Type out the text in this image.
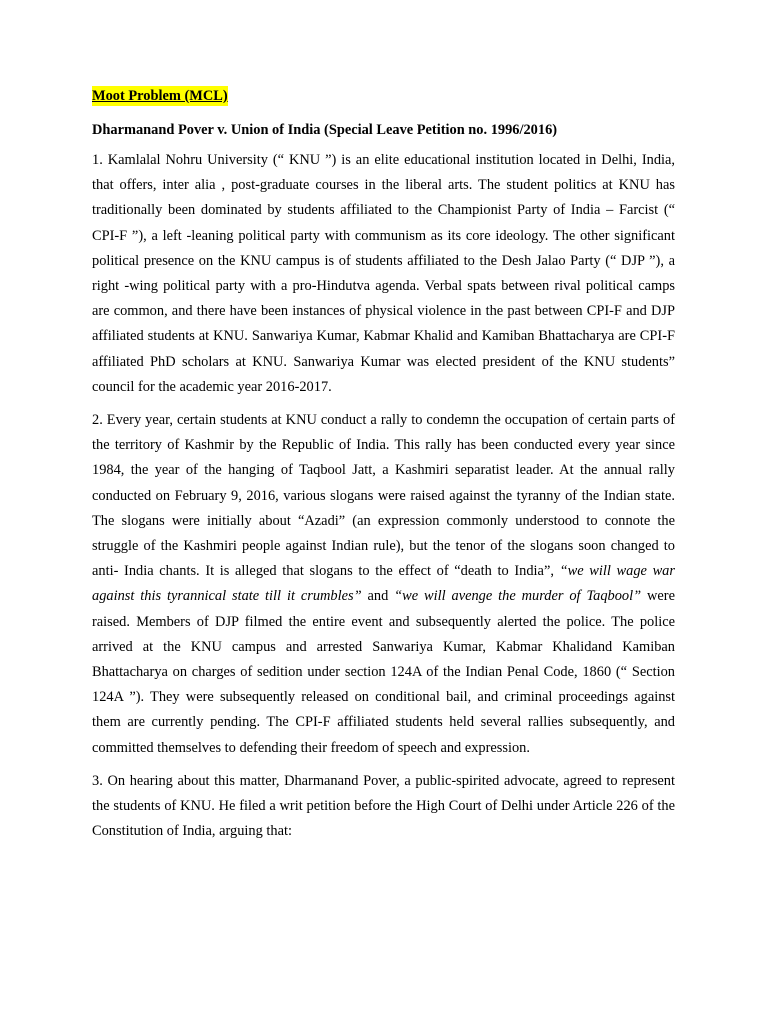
Moot Problem (MCL)

Dharmanand Pover v. Union of India (Special Leave Petition no. 1996/2016)

1. Kamlalal Nohru University (“ KNU ”) is an elite educational institution located in Delhi, India, that offers, inter alia , post-graduate courses in the liberal arts. The student politics at KNU has traditionally been dominated by students affiliated to the Championist Party of India – Farcist (“ CPI-F ”), a left -leaning political party with communism as its core ideology. The other significant political presence on the KNU campus is of students affiliated to the Desh Jalao Party (“ DJP ”), a right -wing political party with a pro-Hindutva agenda. Verbal spats between rival political camps are common, and there have been instances of physical violence in the past between CPI-F and DJP affiliated students at KNU. Sanwariya Kumar, Kabmar Khalid and Kamiban Bhattacharya are CPI-F affiliated PhD scholars at KNU. Sanwariya Kumar was elected president of the KNU students” council for the academic year 2016-2017.

2. Every year, certain students at KNU conduct a rally to condemn the occupation of certain parts of the territory of Kashmir by the Republic of India. This rally has been conducted every year since 1984, the year of the hanging of Taqbool Jatt, a Kashmiri separatist leader. At the annual rally conducted on February 9, 2016, various slogans were raised against the tyranny of the Indian state. The slogans were initially about “Azadi” (an expression commonly understood to connote the struggle of the Kashmiri people against Indian rule), but the tenor of the slogans soon changed to anti- India chants. It is alleged that slogans to the effect of “death to India”, “we will wage war against this tyrannical state till it crumbles” and “we will avenge the murder of Taqbool” were raised. Members of DJP filmed the entire event and subsequently alerted the police. The police arrived at the KNU campus and arrested Sanwariya Kumar, Kabmar Khalidand Kamiban Bhattacharya on charges of sedition under section 124A of the Indian Penal Code, 1860 (“ Section 124A ”). They were subsequently released on conditional bail, and criminal proceedings against them are currently pending. The CPI-F affiliated students held several rallies subsequently, and committed themselves to defending their freedom of speech and expression.

3. On hearing about this matter, Dharmanand Pover, a public-spirited advocate, agreed to represent the students of KNU. He filed a writ petition before the High Court of Delhi under Article 226 of the Constitution of India, arguing that:
